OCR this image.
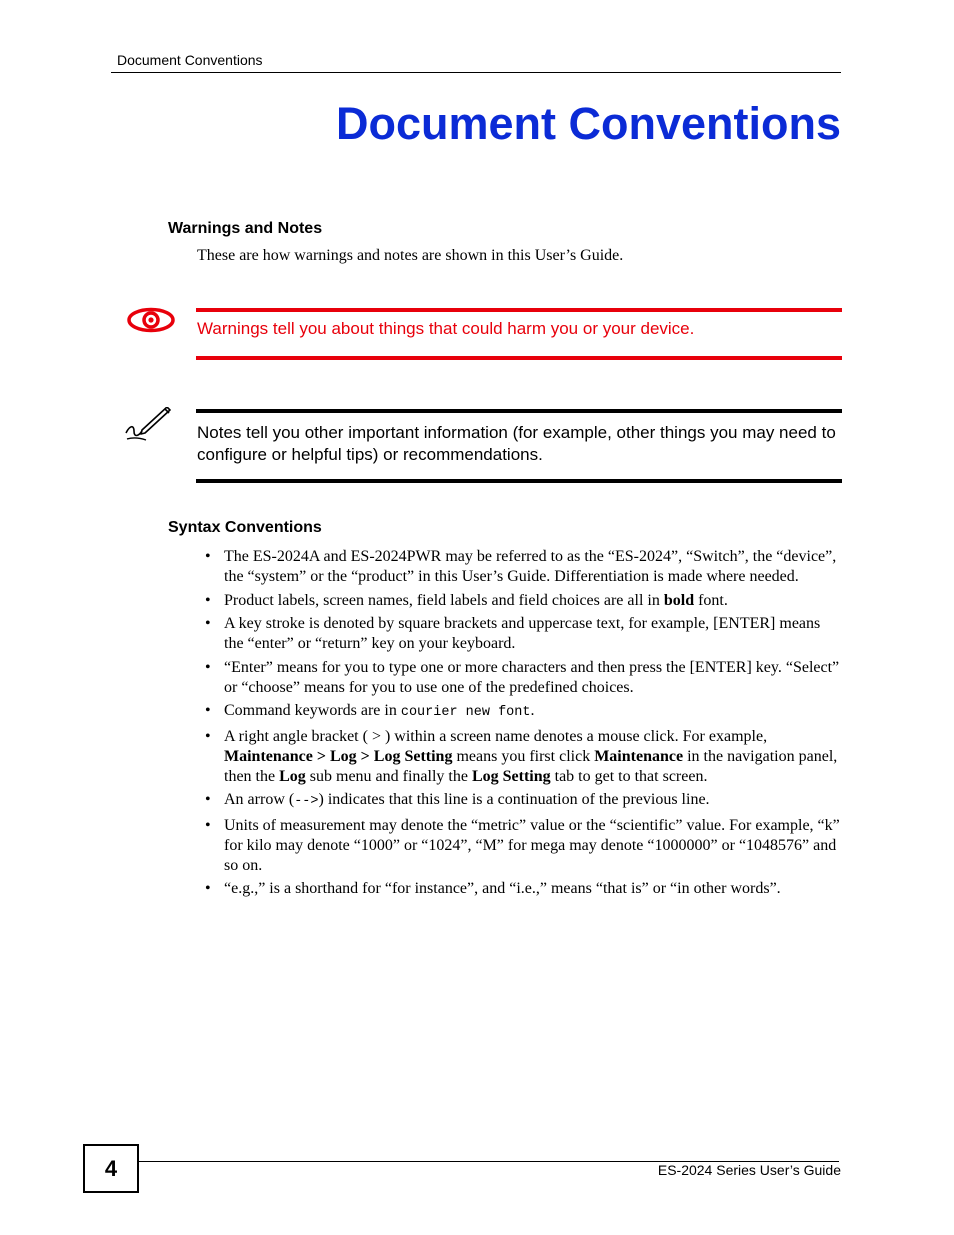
Document Conventions
Document Conventions
Warnings and Notes
These are how warnings and notes are shown in this User’s Guide.
Warnings tell you about things that could harm you or your device.
Notes tell you other important information (for example, other things you may need to configure or helpful tips) or recommendations.
Syntax Conventions
• The ES-2024A and ES-2024PWR may be referred to as the “ES-2024”, “Switch”, the “device”, the “system” or the “product” in this User’s Guide. Differentiation is made where needed.
• Product labels, screen names, field labels and field choices are all in bold font.
• A key stroke is denoted by square brackets and uppercase text, for example, [ENTER] means the “enter” or “return” key on your keyboard.
• “Enter” means for you to type one or more characters and then press the [ENTER] key. “Select” or “choose” means for you to use one of the predefined choices.
• Command keywords are in courier new font.
• A right angle bracket ( > ) within a screen name denotes a mouse click. For example, Maintenance > Log > Log Setting means you first click Maintenance in the navigation panel, then the Log sub menu and finally the Log Setting tab to get to that screen.
• An arrow (-->) indicates that this line is a continuation of the previous line.
• Units of measurement may denote the “metric” value or the “scientific” value. For example, “k” for kilo may denote “1000” or “1024”, “M” for mega may denote “1000000” or “1048576” and so on.
• “e.g.,” is a shorthand for “for instance”, and “i.e.,” means “that is” or “in other words”.
4	ES-2024 Series User’s Guide
